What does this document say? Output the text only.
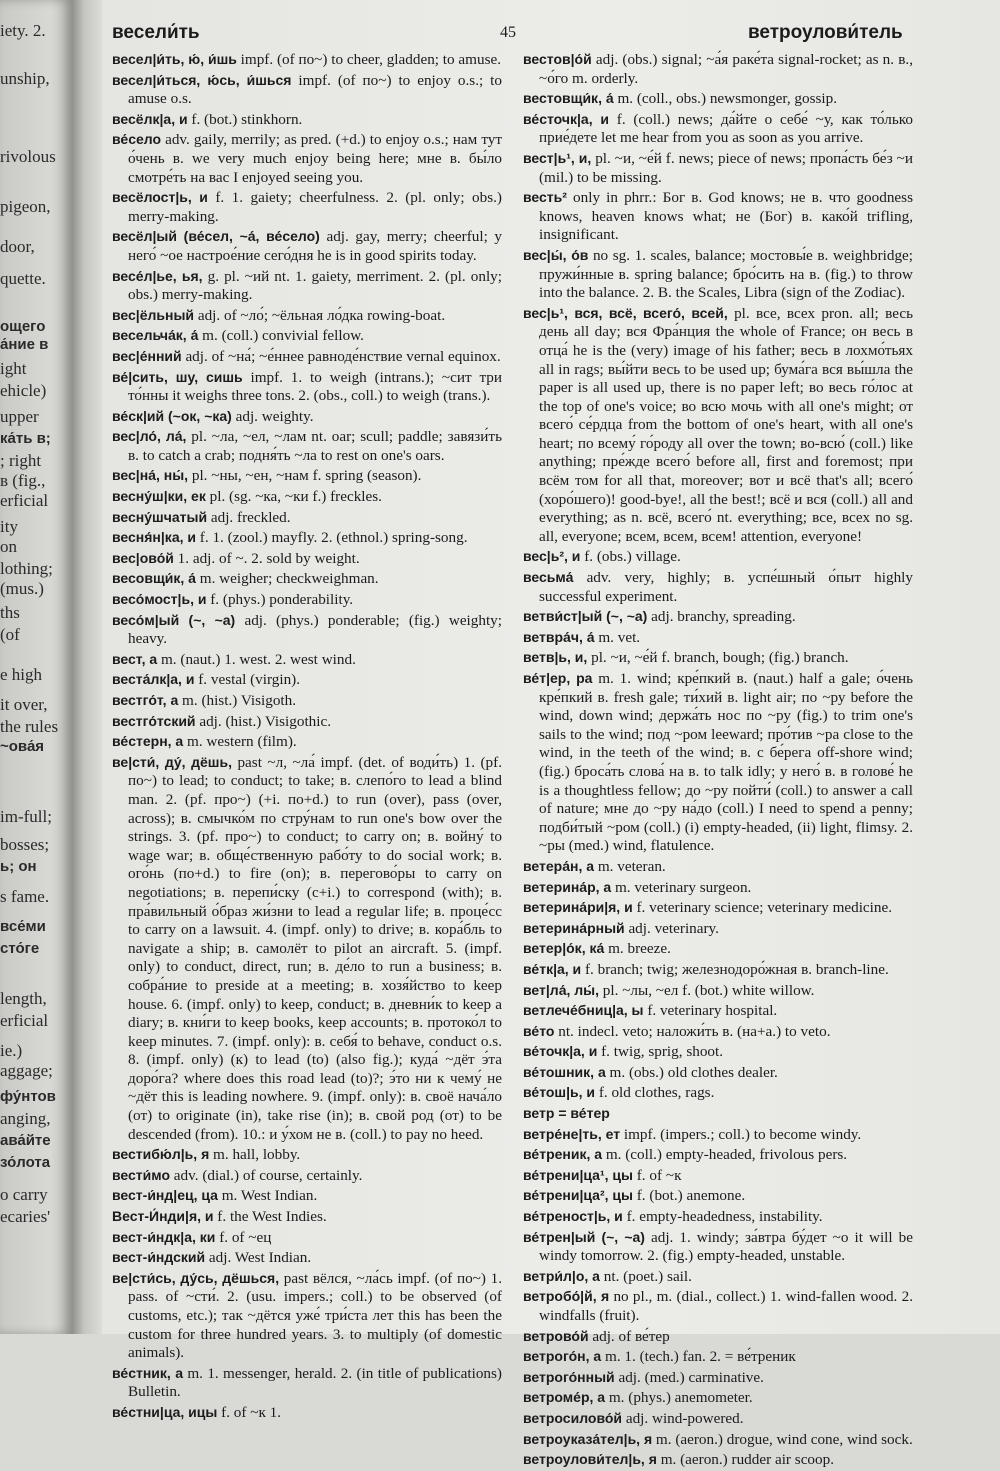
iety. 2.
unship,
rivolous
pigeon,
door,
quette.
ощего
а́ние в
ight
ehicle)
upper
ка́ть в;
; right
в (fig.,
erficial
ity
on
lothing;
(mus.)
ths
(of
е high
it over,
the rules
~ова́я
im-full;
bosses;
ь; он
s fame.
все́ми
сто́ге
length,
erficial
ie.)
aggage;
фу́нтов
anging,
ава́йте
зо́лота
o carry
ecaries'
весели́ть	45	ветроулови́тель
весел|и́ть, ю́, и́шь impf. (of по~) to cheer, gladden; to amuse.
весел|и́ться, ю́сь, и́шься impf. (of по~) to enjoy o.s.; to amuse o.s.
весёлк|а, и f. (bot.) stinkhorn.
ве́село adv. gaily, merrily; as pred. (+d.) to enjoy o.s.; нам тут о́чень в. we very much enjoy being here; мне в. бы́ло смотре́ть на вас I enjoyed seeing you.
весёлост|ь, и f. 1. gaiety; cheerfulness. 2. (pl. only; obs.) merry-making.
весёл|ый (ве́сел, ~а́, ве́село) adj. gay, merry; cheerful; у него́ ~ое настрое́ние сего́дня he is in good spirits today.
весе́л|ье, ья, g. pl. ~ий nt. 1. gaiety, merriment. 2. (pl. only; obs.) merry-making.
вес|ёльный adj. of ~ло́; ~ёльная ло́дка rowing-boat.
весельча́к, а́ m. (coll.) convivial fellow.
вес|е́нний adj. of ~на́; ~е́ннее равноде́нствие vernal equinox.
ве́|сить, шу, сишь impf. 1. to weigh (intrans.); ~сит три то́нны it weighs three tons. 2. (obs., coll.) to weigh (trans.).
ве́ск|ий (~ок, ~ка) adj. weighty.
вес|ло́, ла́, pl. ~ла, ~ел, ~лам nt. oar; scull; paddle; завязи́ть в. to catch a crab; подня́ть ~ла to rest on one's oars.
вес|на́, ны́, pl. ~ны, ~ен, ~нам f. spring (season).
весну́ш|ки, ек pl. (sg. ~ка, ~ки f.) freckles.
весну́шчатый adj. freckled.
весня́н|ка, и f. 1. (zool.) mayfly. 2. (ethnol.) spring-song.
вес|ово́й 1. adj. of ~. 2. sold by weight.
весовщи́к, а́ m. weigher; checkweighman.
весо́мост|ь, и f. (phys.) ponderability.
весо́м|ый (~, ~а) adj. (phys.) ponderable; (fig.) weighty; heavy.
вест, а m. (naut.) 1. west. 2. west wind.
веста́лк|а, и f. vestal (virgin).
вестго́т, а m. (hist.) Visigoth.
вестго́тский adj. (hist.) Visigothic.
ве́стерн, а m. western (film).
ве|сти́, ду́, дёшь, past ~л, ~ла́ impf. (det. of води́ть) 1. (pf. по~) to lead; to conduct; to take; в. слепо́го to lead a blind man. 2. (pf. про~) (+i. по+d.) to run (over), pass (over, across); в. смычко́м по стру́нам to run one's bow over the strings. 3. (pf. про~) to conduct; to carry on; в. войну́ to wage war; в. обще́ственную рабо́ту to do social work; в. ого́нь (по+d.) to fire (on); в. перегово́ры to carry on negotiations; в. перепи́ску (с+i.) to correspond (with); в. пра́вильный о́браз жи́зни to lead a regular life; в. проце́сс to carry on a lawsuit. 4. (impf. only) to drive; в. кора́бль to navigate a ship; в. самолёт to pilot an aircraft. 5. (impf. only) to conduct, direct, run; в. де́ло to run a business; в. собра́ние to preside at a meeting; в. хозя́йство to keep house. 6. (impf. only) to keep, conduct; в. дневни́к to keep a diary; в. кни́ги to keep books, keep accounts; в. протоко́л to keep minutes. 7. (impf. only): в. себя́ to behave, conduct o.s. 8. (impf. only) (к) to lead (to) (also fig.); куда́ ~дёт э́та доро́га? where does this road lead (to)?; э́то ни к чему́ не ~дёт this is leading nowhere. 9. (impf. only): в. своё нача́ло (от) to originate (in), take rise (in); в. свой род (от) to be descended (from). 10.: и у́хом не в. (coll.) to pay no heed.
вестибю́л|ь, я m. hall, lobby.
вести́мо adv. (dial.) of course, certainly.
вест-и́нд|ец, ца m. West Indian.
Вест-И́нди|я, и f. the West Indies.
вест-и́ндк|а, ки f. of ~ец
вест-и́ндский adj. West Indian.
ве|сти́сь, ду́сь, дёшься, past вёлся, ~ла́сь impf. (of по~) 1. pass. of ~сти́. 2. (usu. impers.; coll.) to be observed (of customs, etc.); так ~дётся уже́ три́ста лет this has been the custom for three hundred years. 3. to multiply (of domestic animals).
ве́стник, а m. 1. messenger, herald. 2. (in title of publications) Bulletin.
ве́стни|ца, ицы f. of ~к 1.
вестов|о́й adj. (obs.) signal; ~а́я раке́та signal-rocket; as n. в., ~о́го m. orderly.
вестовщи́к, а́ m. (coll., obs.) newsmonger, gossip.
ве́сточк|а, и f. (coll.) news; да́йте о себе́ ~у, как то́лько прие́дете let me hear from you as soon as you arrive.
вест|ь¹, и, pl. ~и, ~е́й f. news; piece of news; пропа́сть бе́з ~и (mil.) to be missing.
весть² only in phrr.: Бог в. God knows; не в. что goodness knows, heaven knows what; не (Бог) в. како́й trifling, insignificant.
вес|ы́, о́в no sg. 1. scales, balance; мостовы́е в. weighbridge; пружи́нные в. spring balance; бро́сить на в. (fig.) to throw into the balance. 2. В. the Scales, Libra (sign of the Zodiac).
вес|ь¹, вся, всё, всего́, всей, pl. все, всех pron. all; весь день all day; вся Фра́нция the whole of France; он весь в отца́ he is the (very) image of his father; весь в лохмо́тьях all in rags; вы́йти весь to be used up; бума́га вся вы́шла the paper is all used up, there is no paper left; во весь го́лос at the top of one's voice; во всю мочь with all one's might; от всего́ се́рдца from the bottom of one's heart, with all one's heart; по всему́ го́роду all over the town; во-всю́ (coll.) like anything; пре́жде всего́ before all, first and foremost; при всём том for all that, moreover; вот и всё that's all; всего́ (хоро́шего)! good-bye!, all the best!; всё и вся (coll.) all and everything; as n. всё, всего́ nt. everything; все, всех no sg. all, everyone; всем, всем, всем! attention, everyone!
вес|ь², и f. (obs.) village.
весьма́ adv. very, highly; в. успе́шный о́пыт highly successful experiment.
ветви́ст|ый (~, ~а) adj. branchy, spreading.
ветвра́ч, а́ m. vet.
ветв|ь, и, pl. ~и, ~е́й f. branch, bough; (fig.) branch.
ве́т|ер, ра m. 1. wind; кре́пкий в. (naut.) half a gale; о́чень кре́пкий в. fresh gale; ти́хий в. light air; по ~ру before the wind, down wind; держа́ть нос по ~ру (fig.) to trim one's sails to the wind; под ~ром leeward; про́тив ~ра close to the wind, in the teeth of the wind; в. с бе́рега off-shore wind; (fig.) броса́ть слова́ на в. to talk idly; у него́ в. в голове́ he is a thoughtless fellow; до ~ру пойти́ (coll.) to answer a call of nature; мне до ~ру на́до (coll.) I need to spend a penny; подби́тый ~ром (coll.) (i) empty-headed, (ii) light, flimsy. 2. ~ры (med.) wind, flatulence.
ветера́н, а m. veteran.
ветерина́р, а m. veterinary surgeon.
ветерина́ри|я, и f. veterinary science; veterinary medicine.
ветерина́рный adj. veterinary.
ветер|о́к, ка́ m. breeze.
ве́тк|а, и f. branch; twig; железнодоро́жная в. branch-line.
вет|ла́, лы́, pl. ~лы, ~ел f. (bot.) white willow.
ветлече́бниц|а, ы f. veterinary hospital.
ве́то nt. indecl. veto; наложи́ть в. (на+а.) to veto.
ве́точк|а, и f. twig, sprig, shoot.
ве́тошник, а m. (obs.) old clothes dealer.
ве́тош|ь, и f. old clothes, rags.
ветр = ве́тер
ветре́не|ть, ет impf. (impers.; coll.) to become windy.
ве́треник, а m. (coll.) empty-headed, frivolous pers.
ве́трени|ца¹, цы f. of ~к
ве́трени|ца², цы f. (bot.) anemone.
ве́треност|ь, и f. empty-headedness, instability.
ве́трен|ый (~, ~а) adj. 1. windy; за́втра бу́дет ~о it will be windy tomorrow. 2. (fig.) empty-headed, unstable.
ветри́л|о, а nt. (poet.) sail.
ветробо́|й, я no pl., m. (dial., collect.) 1. wind-fallen wood. 2. windfalls (fruit).
ветрово́й adj. of ве́тер
ветрого́н, а m. 1. (tech.) fan. 2. = ве́треник
ветрого́нный adj. (med.) carminative.
ветроме́р, а m. (phys.) anemometer.
ветросилово́й adj. wind-powered.
ветроуказа́тел|ь, я m. (aeron.) drogue, wind cone, wind sock.
ветроулови́тел|ь, я m. (aeron.) rudder air scoop.
